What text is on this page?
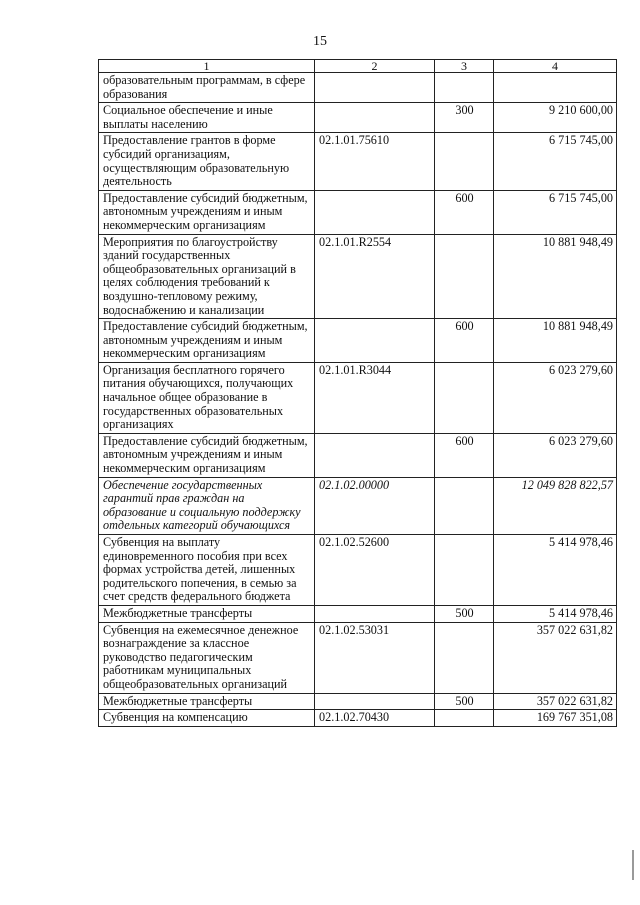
15
1	2	3	4
образовательным программам, в сфере образования			
Социальное обеспечение и иные выплаты населению		300	9 210 600,00
Предоставление грантов в форме субсидий организациям, осуществляющим образовательную деятельность	02.1.01.75610		6 715 745,00
Предоставление субсидий бюджетным, автономным учреждениям и иным некоммерческим организациям		600	6 715 745,00
Мероприятия по благоустройству зданий государственных общеобразовательных организаций в целях соблюдения требований к воздушно-тепловому режиму, водоснабжению и канализации	02.1.01.R2554		10 881 948,49
Предоставление субсидий бюджетным, автономным учреждениям и иным некоммерческим организациям		600	10 881 948,49
Организация бесплатного горячего питания обучающихся, получающих начальное общее образование в государственных образовательных организациях	02.1.01.R3044		6 023 279,60
Предоставление субсидий бюджетным, автономным учреждениям и иным некоммерческим организациям		600	6 023 279,60
Обеспечение государственных гарантий прав граждан на образование и социальную поддержку отдельных категорий обучающихся	02.1.02.00000		12 049 828 822,57
Субвенция на выплату единовременного пособия при всех формах устройства детей, лишенных родительского попечения, в семью за счет средств федерального бюджета	02.1.02.52600		5 414 978,46
Межбюджетные трансферты		500	5 414 978,46
Субвенция на ежемесячное денежное вознаграждение за классное руководство педагогическим работникам муниципальных общеобразовательных организаций	02.1.02.53031		357 022 631,82
Межбюджетные трансферты		500	357 022 631,82
Субвенция на компенсацию	02.1.02.70430		169 767 351,08
